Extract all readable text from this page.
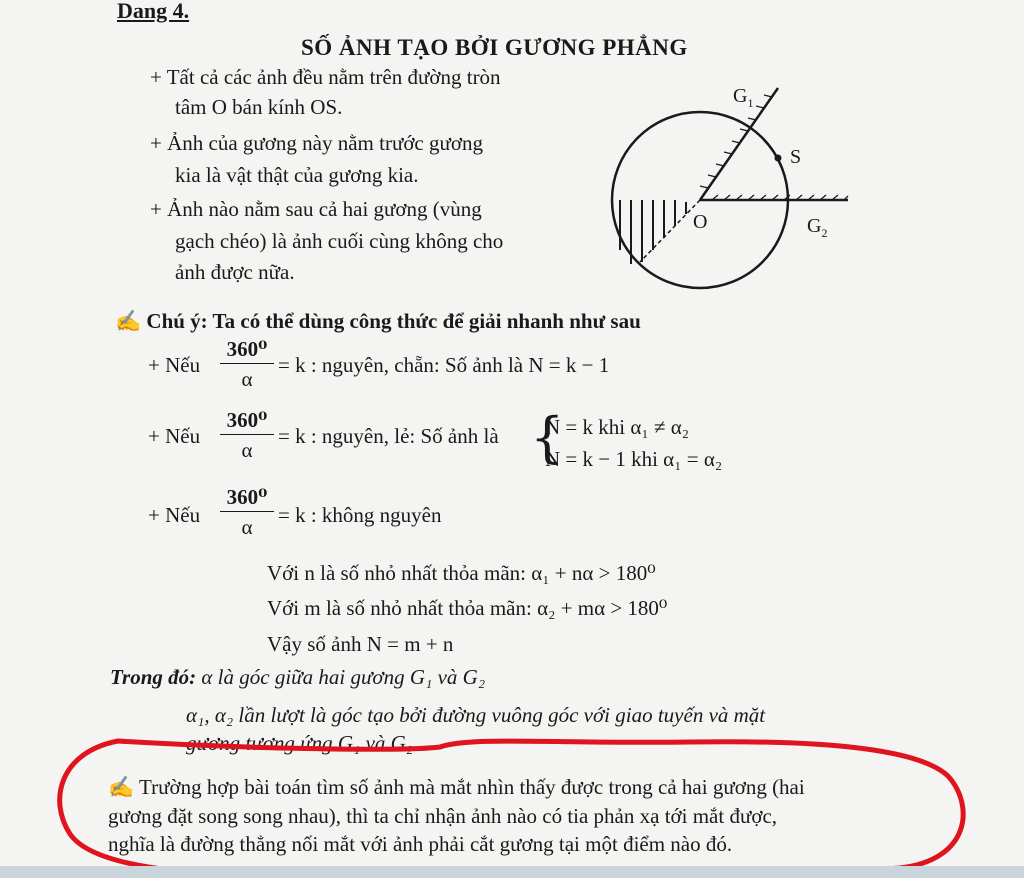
Dang 4.
SỐ ẢNH TẠO BỞI GƯƠNG PHẲNG
+ Tất cả các ảnh đều nằm trên đường tròn
tâm O bán kính OS.
+ Ảnh của gương này nằm trước gương
kia là vật thật của gương kia.
+ Ảnh nào nằm sau cả hai gương (vùng
gạch chéo) là ảnh cuối cùng không cho
ảnh được nữa.
$G_1$
S
O	$G_2$
✍ Chú ý: Ta có thể dùng công thức để giải nhanh như sau
+ Nếu
360⁰
α
= k : nguyên, chẵn: Số ảnh là N = k − 1
+ Nếu
360⁰
α
= k : nguyên, lẻ: Số ảnh là {
N = k khi α₁ ≠ α₂
N = k − 1 khi α₁ = α₂
+ Nếu
360⁰
α	= k : không nguyên
Với n là số nhỏ nhất thỏa mãn: α₁ + nα > 180⁰
Với m là số nhỏ nhất thỏa mãn: α₂ + mα > 180⁰
Vậy số ảnh N = m + n
Trong đó: α là góc giữa hai gương G₁ và G₂
α₁, α₂ lần lượt là góc tạo bởi đường vuông góc với giao tuyến và mặt
gương tương ứng G₁ và G₂
✍ Trường hợp bài toán tìm số ảnh mà mắt nhìn thấy được trong cả hai gương (hai
gương đặt song song nhau), thì ta chỉ nhận ảnh nào có tia phản xạ tới mắt được,
nghĩa là đường thẳng nối mắt với ảnh phải cắt gương tại một điểm nào đó.
